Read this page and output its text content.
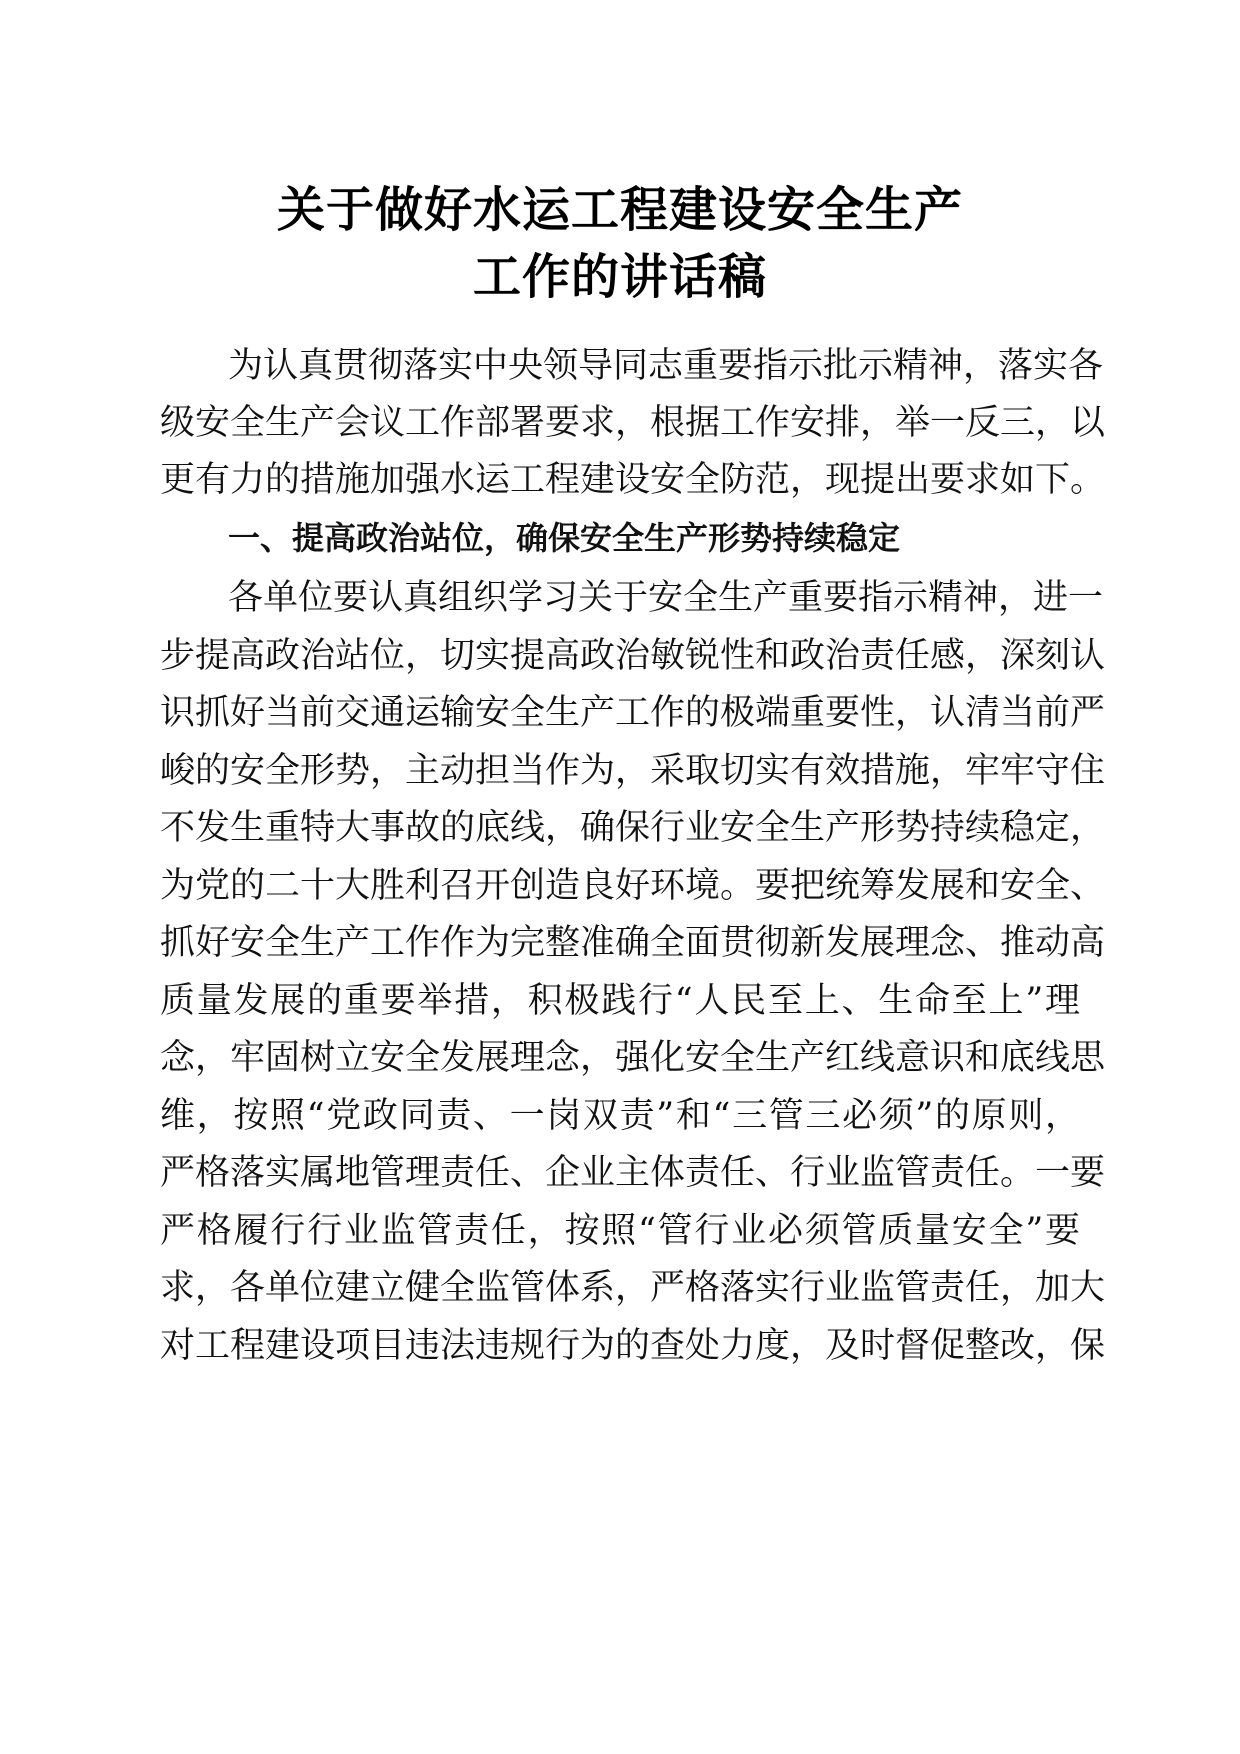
关于做好水运工程建设安全生产
工作的讲话稿
为认真贯彻落实中央领导同志重要指示批示精神，落实各
级安全生产会议工作部署要求，根据工作安排，举一反三，以
更有力的措施加强水运工程建设安全防范，现提出要求如下。
一、提高政治站位，确保安全生产形势持续稳定
各单位要认真组织学习关于安全生产重要指示精神，进一
步提高政治站位，切实提高政治敏锐性和政治责任感，深刻认
识抓好当前交通运输安全生产工作的极端重要性，认清当前严
峻的安全形势，主动担当作为，采取切实有效措施，牢牢守住
不发生重特大事故的底线，确保行业安全生产形势持续稳定，
为党的二十大胜利召开创造良好环境。要把统筹发展和安全、
抓好安全生产工作作为完整准确全面贯彻新发展理念、推动高
质量发展的重要举措，积极践行“人民至上、生命至上”理
念，牢固树立安全发展理念，强化安全生产红线意识和底线思
维，按照“党政同责、一岗双责”和“三管三必须”的原则，
严格落实属地管理责任、企业主体责任、行业监管责任。一要
严格履行行业监管责任，按照“管行业必须管质量安全”要
求，各单位建立健全监管体系，严格落实行业监管责任，加大
对工程建设项目违法违规行为的查处力度，及时督促整改，保
